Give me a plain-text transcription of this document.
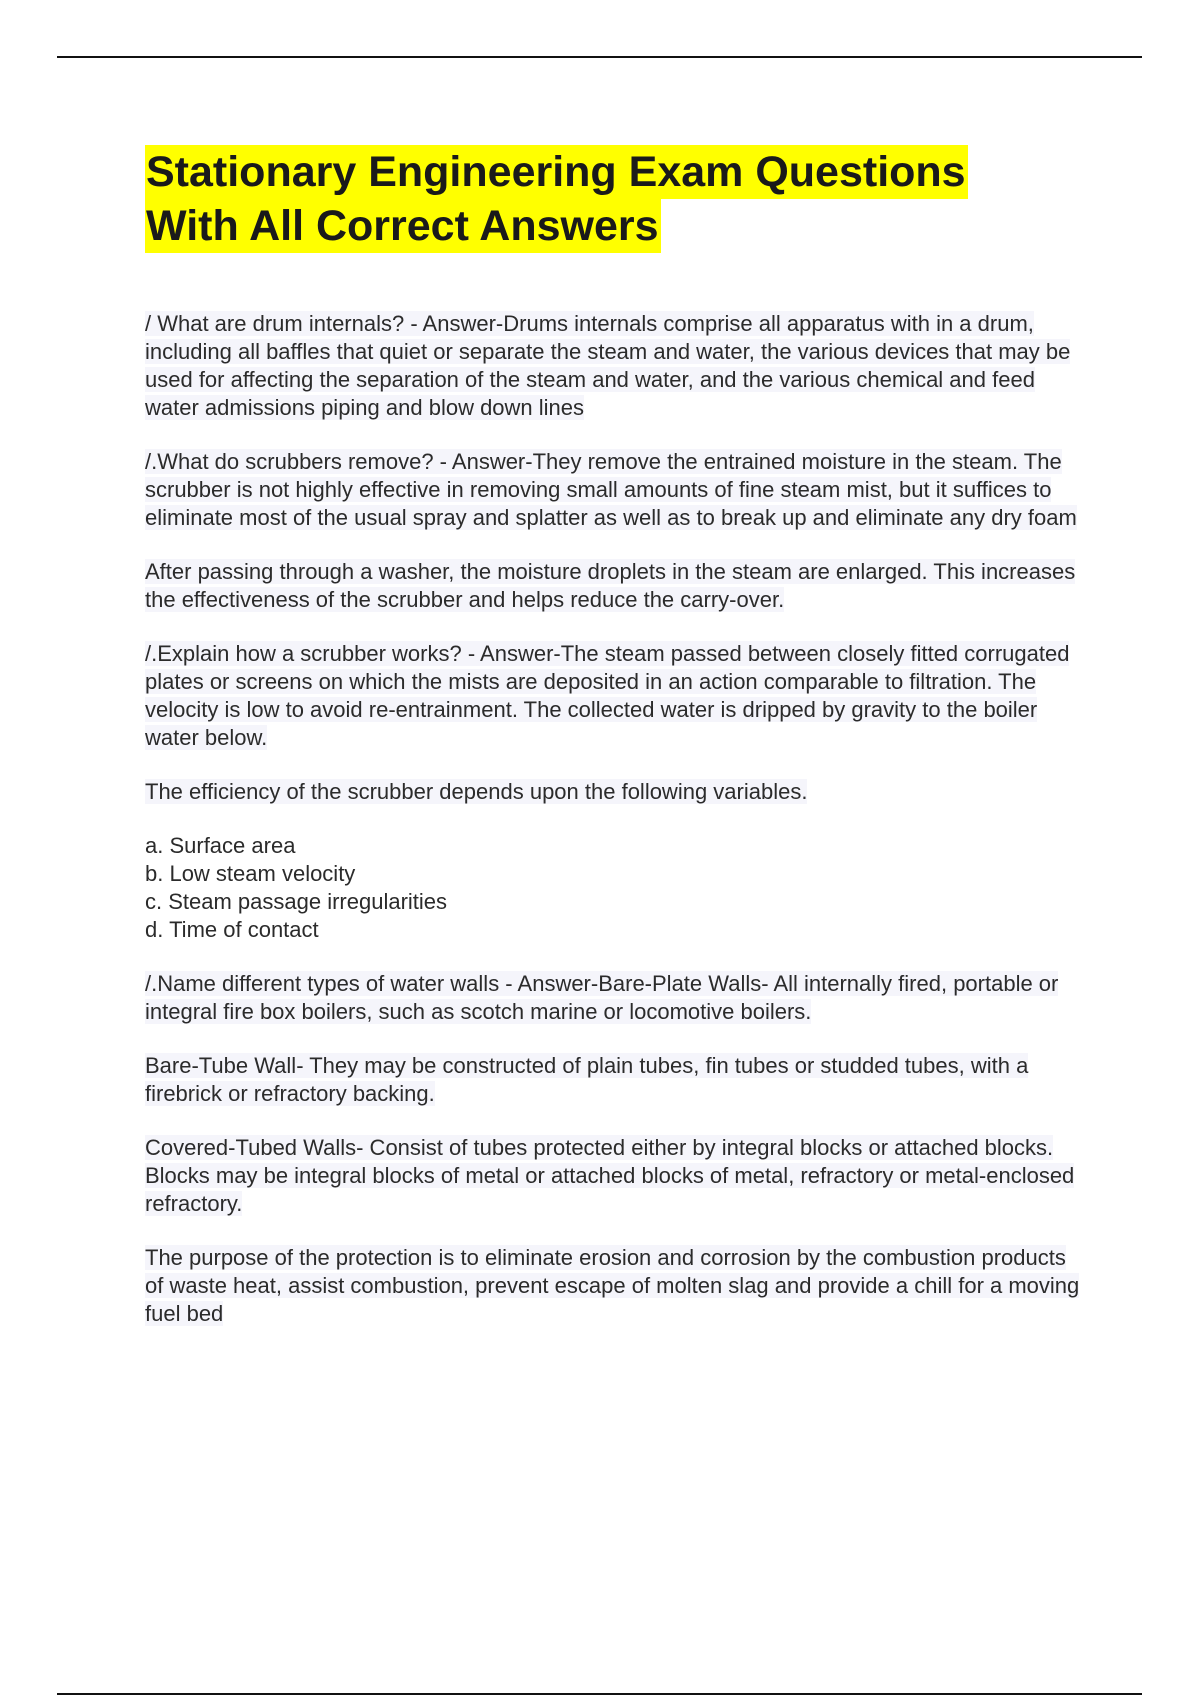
Stationary Engineering Exam Questions
With All Correct Answers

/ What are drum internals? - Answer-Drums internals comprise all apparatus with in a drum, including all baffles that quiet or separate the steam and water, the various devices that may be used for affecting the separation of the steam and water, and the various chemical and feed water admissions piping and blow down lines

/.What do scrubbers remove? - Answer-They remove the entrained moisture in the steam. The scrubber is not highly effective in removing small amounts of fine steam mist, but it suffices to eliminate most of the usual spray and splatter as well as to break up and eliminate any dry foam

After passing through a washer, the moisture droplets in the steam are enlarged. This increases the effectiveness of the scrubber and helps reduce the carry-over.

/.Explain how a scrubber works? - Answer-The steam passed between closely fitted corrugated plates or screens on which the mists are deposited in an action comparable to filtration. The velocity is low to avoid re-entrainment. The collected water is dripped by gravity to the boiler water below.

The efficiency of the scrubber depends upon the following variables.

a. Surface area
b. Low steam velocity
c. Steam passage irregularities
d. Time of contact

/.Name different types of water walls - Answer-Bare-Plate Walls- All internally fired, portable or integral fire box boilers, such as scotch marine or locomotive boilers.

Bare-Tube Wall- They may be constructed of plain tubes, fin tubes or studded tubes, with a firebrick or refractory backing.

Covered-Tubed Walls- Consist of tubes protected either by integral blocks or attached blocks. Blocks may be integral blocks of metal or attached blocks of metal, refractory or metal-enclosed refractory.

The purpose of the protection is to eliminate erosion and corrosion by the combustion products of waste heat, assist combustion, prevent escape of molten slag and provide a chill for a moving fuel bed
